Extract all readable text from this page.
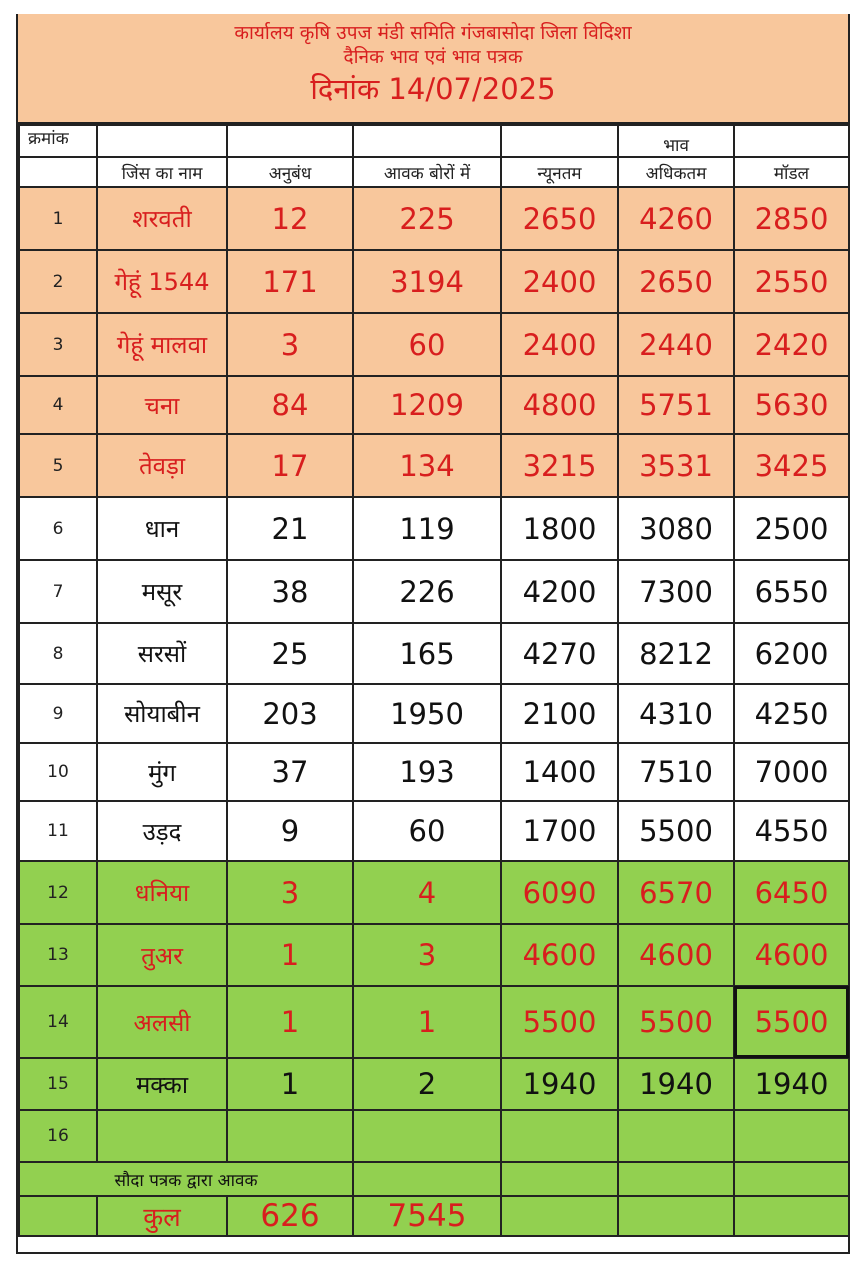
कार्यालय कृषि उपज मंडी समिति गंजबासोदा जिला विदिशा
दैनिक भाव एवं भाव पत्रक
दिनांक 14/07/2025
क्रमांक					भाव	
	जिंस का नाम	अनुबंध	आवक बोरों में	न्यूनतम	अधिकतम	मॉडल
1	शरवती	12	225	2650	4260	2850
2	गेहूं 1544	171	3194	2400	2650	2550
3	गेहूं मालवा	3	60	2400	2440	2420
4	चना	84	1209	4800	5751	5630
5	तेवड़ा	17	134	3215	3531	3425
6	धान	21	119	1800	3080	2500
7	मसूर	38	226	4200	7300	6550
8	सरसों	25	165	4270	8212	6200
9	सोयाबीन	203	1950	2100	4310	4250
10	मुंग	37	193	1400	7510	7000
11	उड़द	9	60	1700	5500	4550
12	धनिया	3	4	6090	6570	6450
13	तुअर	1	3	4600	4600	4600
14	अलसी	1	1	5500	5500	5500
15	मक्का	1	2	1940	1940	1940
16						
सौदा पत्रक द्वारा आवक						
	कुल	626	7545			
